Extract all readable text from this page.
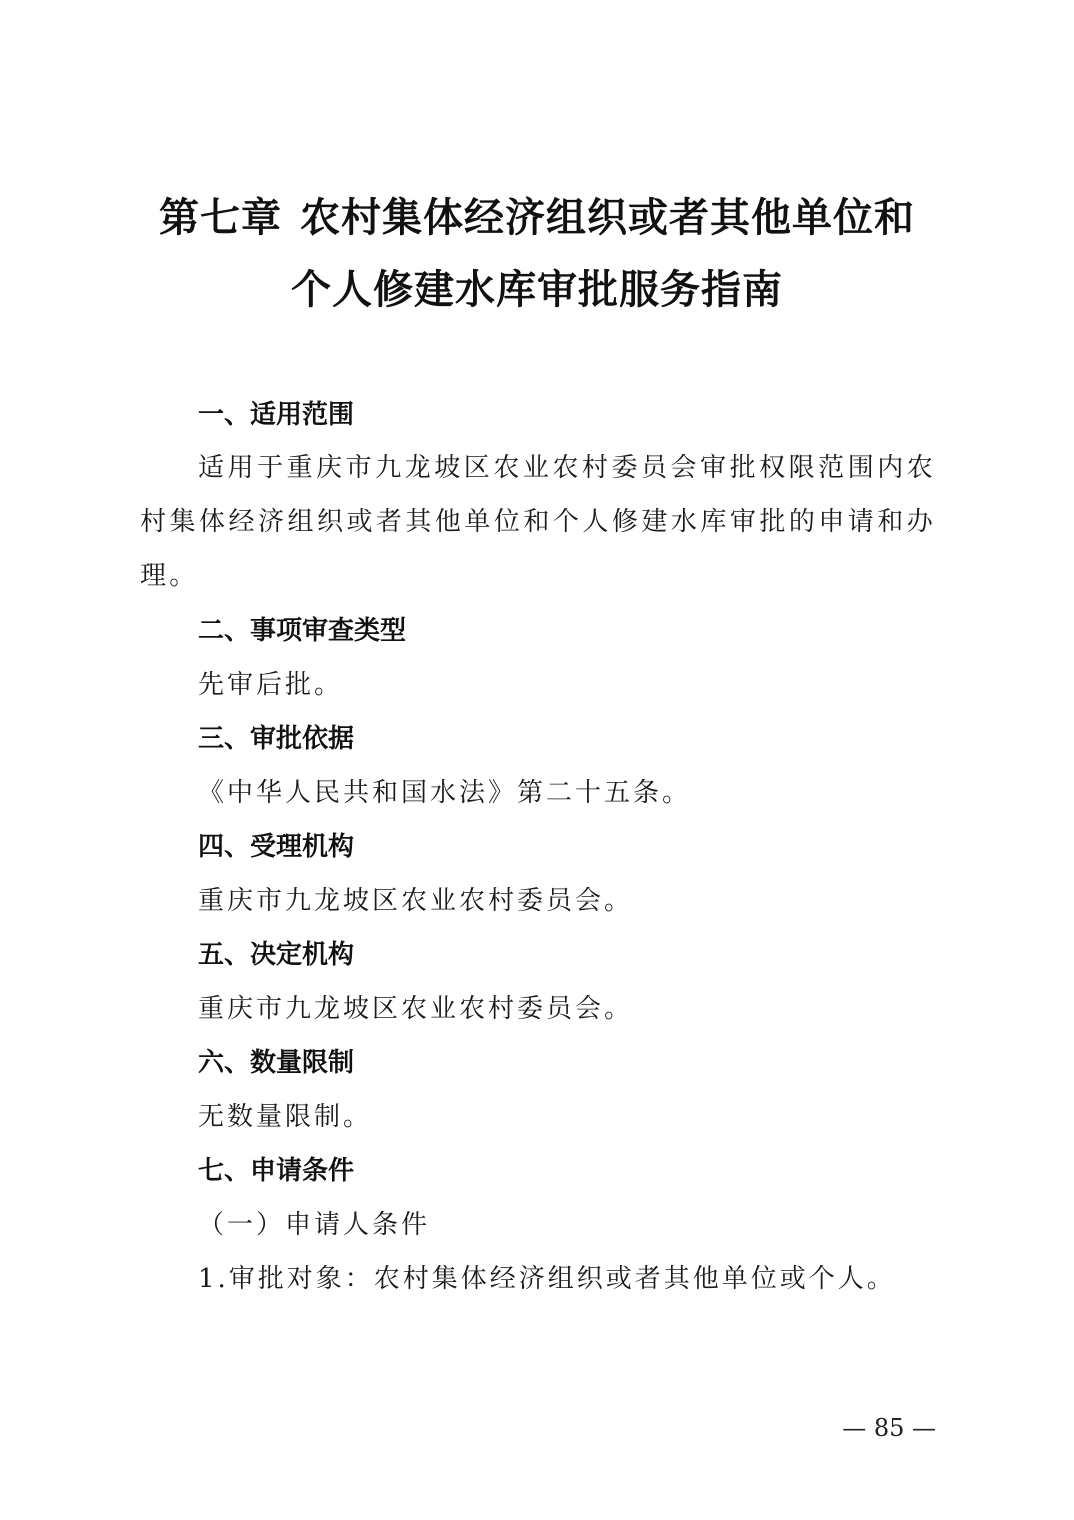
第七章 农村集体经济组织或者其他单位和
个人修建水库审批服务指南
一、适用范围
适用于重庆市九龙坡区农业农村委员会审批权限范围内农村集体经济组织或者其他单位和个人修建水库审批的申请和办理。
二、事项审查类型
先审后批。
三、审批依据
《中华人民共和国水法》第二十五条。
四、受理机构
重庆市九龙坡区农业农村委员会。
五、决定机构
重庆市九龙坡区农业农村委员会。
六、数量限制
无数量限制。
七、申请条件
（一）申请人条件
1.审批对象：农村集体经济组织或者其他单位或个人。
— 85 —
